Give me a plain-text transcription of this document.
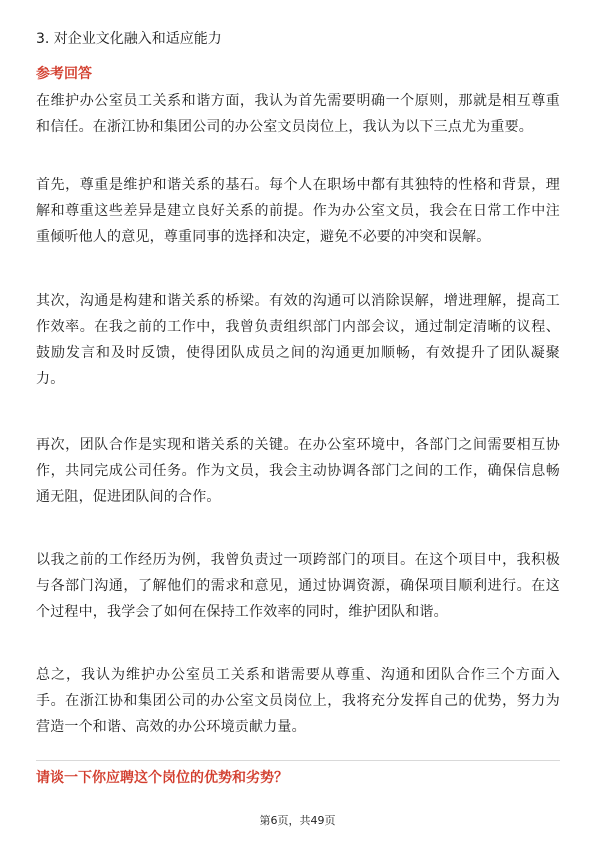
3. 对企业文化融入和适应能力
参考回答

在维护办公室员工关系和谐方面，我认为首先需要明确一个原则，那就是相互尊重和信任。在浙江协和集团公司的办公室文员岗位上，我认为以下三点尤为重要。

首先，尊重是维护和谐关系的基石。每个人在职场中都有其独特的性格和背景，理解和尊重这些差异是建立良好关系的前提。作为办公室文员，我会在日常工作中注重倾听他人的意见，尊重同事的选择和决定，避免不必要的冲突和误解。

其次，沟通是构建和谐关系的桥梁。有效的沟通可以消除误解，增进理解，提高工作效率。在我之前的工作中，我曾负责组织部门内部会议，通过制定清晰的议程、鼓励发言和及时反馈，使得团队成员之间的沟通更加顺畅，有效提升了团队凝聚力。

再次，团队合作是实现和谐关系的关键。在办公室环境中，各部门之间需要相互协作，共同完成公司任务。作为文员，我会主动协调各部门之间的工作，确保信息畅通无阻，促进团队间的合作。

以我之前的工作经历为例，我曾负责过一项跨部门的项目。在这个项目中，我积极与各部门沟通，了解他们的需求和意见，通过协调资源，确保项目顺利进行。在这个过程中，我学会了如何在保持工作效率的同时，维护团队和谐。

总之，我认为维护办公室员工关系和谐需要从尊重、沟通和团队合作三个方面入手。在浙江协和集团公司的办公室文员岗位上，我将充分发挥自己的优势，努力为营造一个和谐、高效的办公环境贡献力量。

请谈一下你应聘这个岗位的优势和劣势？
第6页，共49页
